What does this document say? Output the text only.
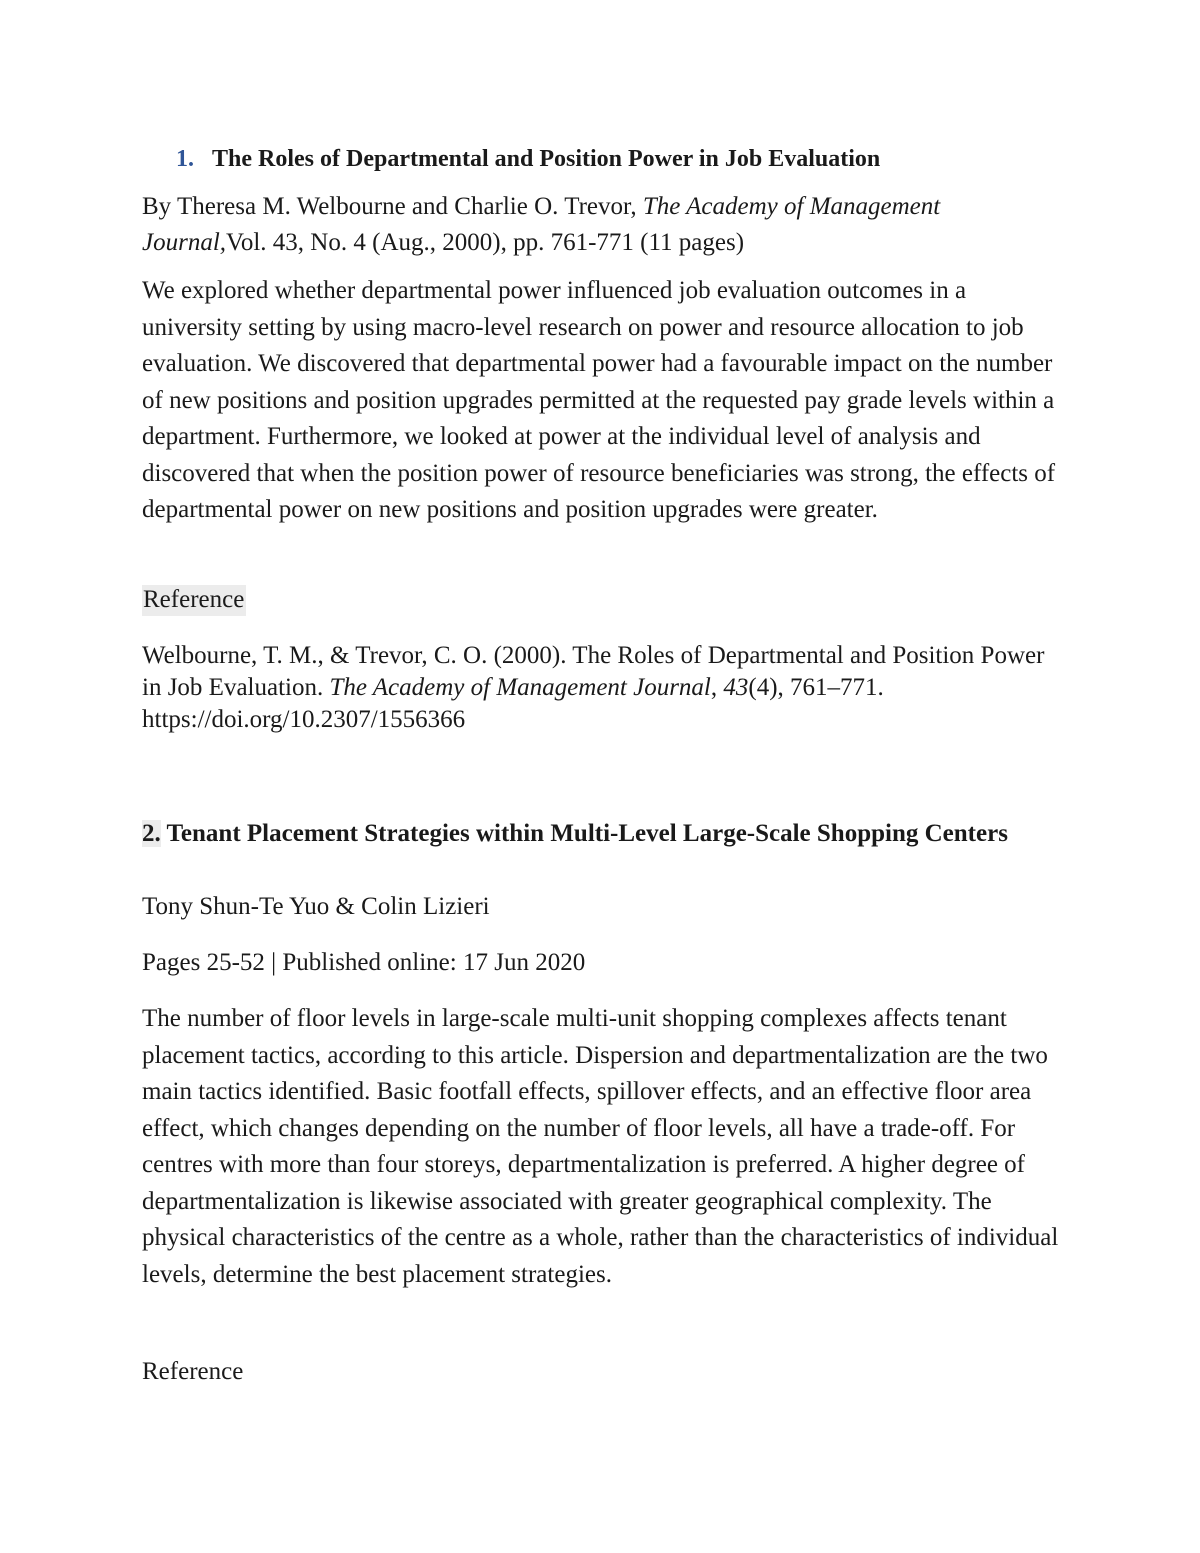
1. The Roles of Departmental and Position Power in Job Evaluation

By Theresa M. Welbourne and Charlie O. Trevor, The Academy of Management Journal,Vol. 43, No. 4 (Aug., 2000), pp. 761-771 (11 pages)

We explored whether departmental power influenced job evaluation outcomes in a university setting by using macro-level research on power and resource allocation to job evaluation. We discovered that departmental power had a favourable impact on the number of new positions and position upgrades permitted at the requested pay grade levels within a department. Furthermore, we looked at power at the individual level of analysis and discovered that when the position power of resource beneficiaries was strong, the effects of departmental power on new positions and position upgrades were greater.

Reference

Welbourne, T. M., & Trevor, C. O. (2000). The Roles of Departmental and Position Power in Job Evaluation. The Academy of Management Journal, 43(4), 761–771. https://doi.org/10.2307/1556366

2. Tenant Placement Strategies within Multi-Level Large-Scale Shopping Centers

Tony Shun-Te Yuo & Colin Lizieri

Pages 25-52 | Published online: 17 Jun 2020

The number of floor levels in large-scale multi-unit shopping complexes affects tenant placement tactics, according to this article. Dispersion and departmentalization are the two main tactics identified. Basic footfall effects, spillover effects, and an effective floor area effect, which changes depending on the number of floor levels, all have a trade-off. For centres with more than four storeys, departmentalization is preferred. A higher degree of departmentalization is likewise associated with greater geographical complexity. The physical characteristics of the centre as a whole, rather than the characteristics of individual levels, determine the best placement strategies.

Reference
